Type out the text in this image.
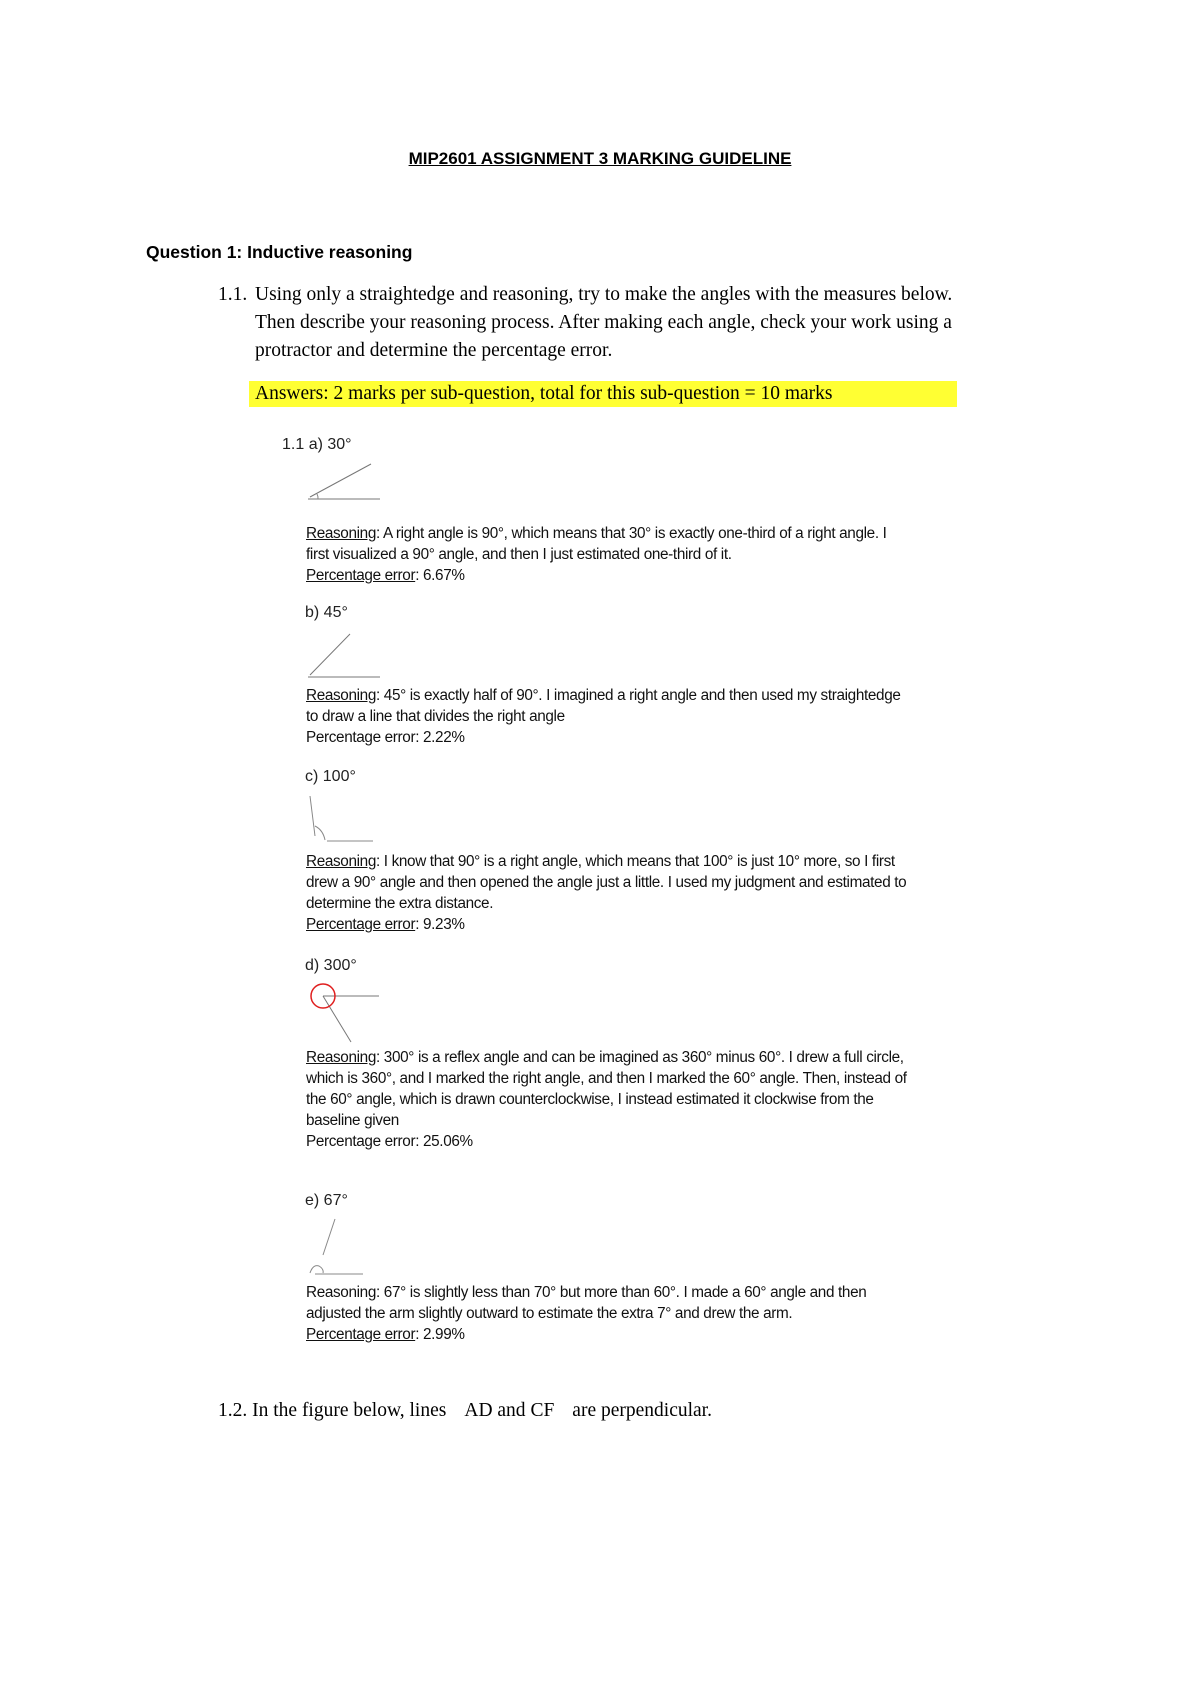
MIP2601 ASSIGNMENT 3 MARKING GUIDELINE
Question 1: Inductive reasoning
1.1. Using only a straightedge and reasoning, try to make the angles with the measures below.
Then describe your reasoning process. After making each angle, check your work using a
protractor and determine the percentage error.
Answers: 2 marks per sub-question, total for this sub-question = 10 marks
1.1 a) 30°
Reasoning: A right angle is 90°, which means that 30° is exactly one-third of a right angle. I
first visualized a 90° angle, and then I just estimated one-third of it.
Percentage error: 6.67%
b) 45°
Reasoning: 45° is exactly half of 90°. I imagined a right angle and then used my straightedge
to draw a line that divides the right angle
Percentage error: 2.22%
c) 100°
Reasoning: I know that 90° is a right angle, which means that 100° is just 10° more, so I first
drew a 90° angle and then opened the angle just a little. I used my judgment and estimated to
determine the extra distance.
Percentage error: 9.23%
d) 300°
Reasoning: 300° is a reflex angle and can be imagined as 360° minus 60°. I drew a full circle,
which is 360°, and I marked the right angle, and then I marked the 60° angle. Then, instead of
the 60° angle, which is drawn counterclockwise, I instead estimated it clockwise from the
baseline given
Percentage error: 25.06%
e) 67°
Reasoning: 67° is slightly less than 70° but more than 60°. I made a 60° angle and then
adjusted the arm slightly outward to estimate the extra 7° and drew the arm.
Percentage error: 2.99%
1.2. In the figure below, lines AD and CF are perpendicular.
